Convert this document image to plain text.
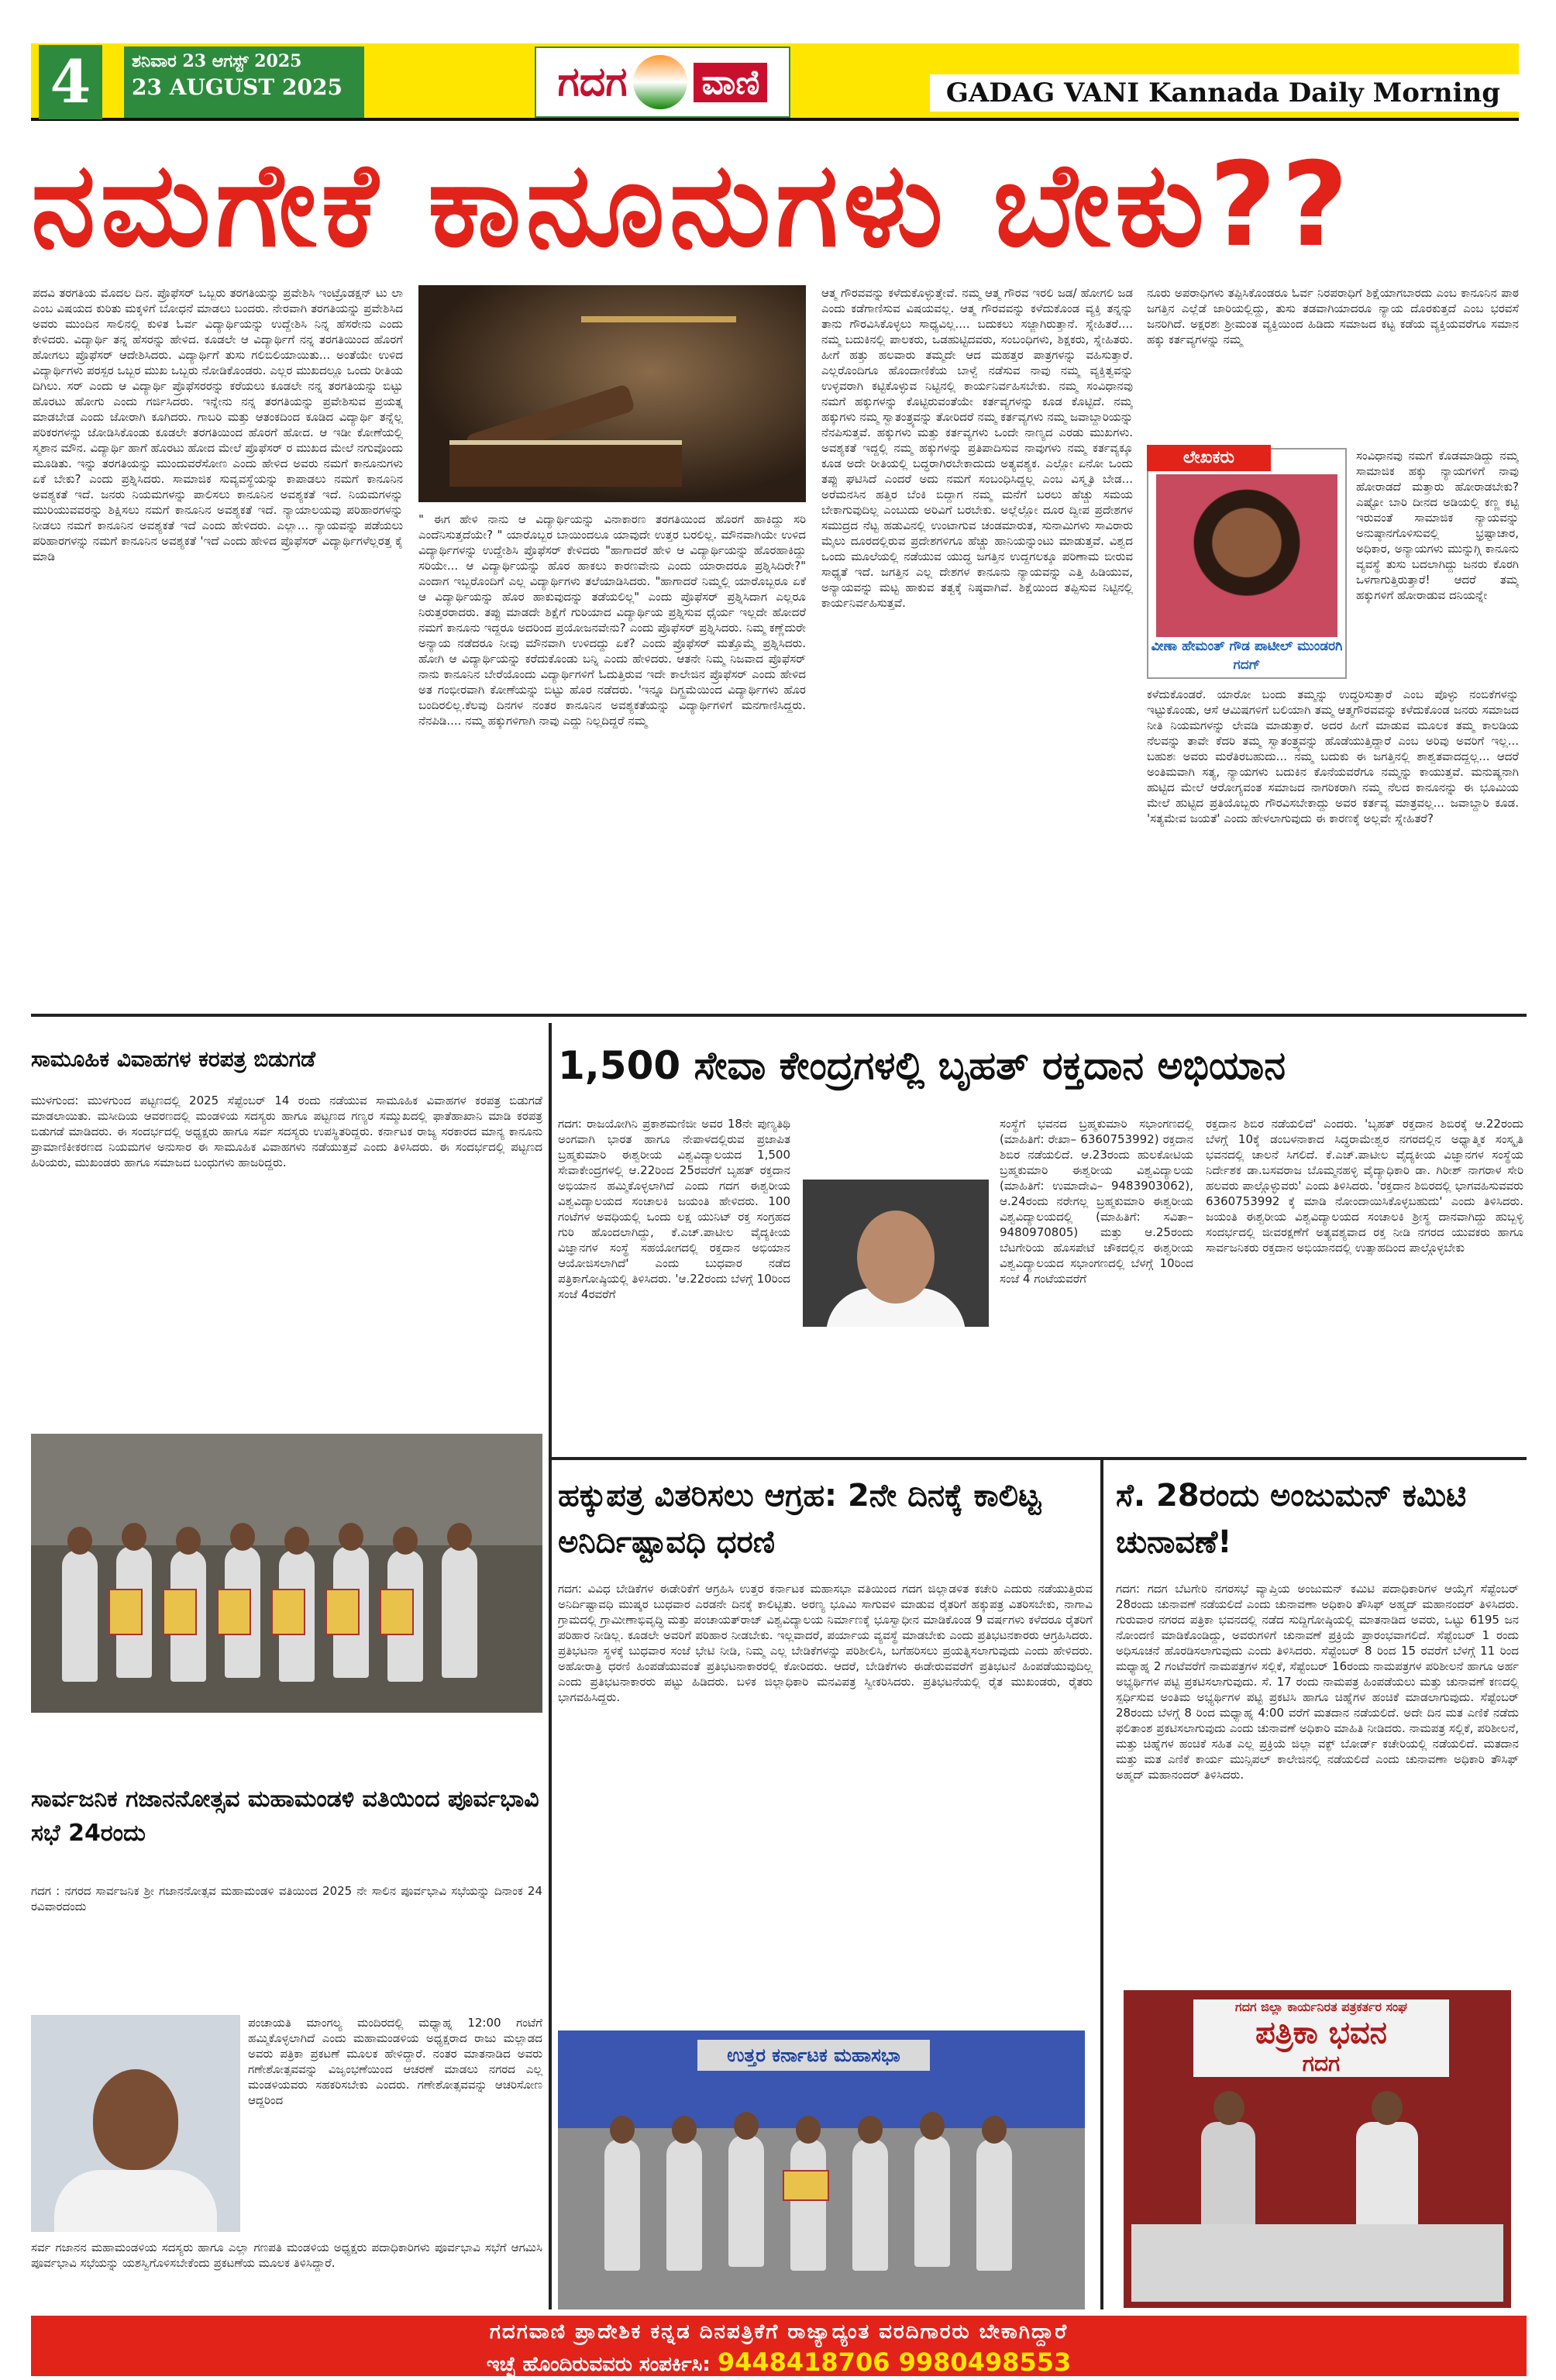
4	ಶನಿವಾರ 23 ಆಗಸ್ಟ್ 2025
23 AUGUST 2025	ಗದಗ ವಾಣಿ	GADAG VANI Kannada Daily Morning
ನಮಗೇಕೆ ಕಾನೂನುಗಳು ಬೇಕು??
ಪದವಿ ತರಗತಿಯ ಮೊದಲ ದಿನ. ಪ್ರೊಫೆಸರ್ ಒಬ್ಬರು ತರಗತಿಯನ್ನು ಪ್ರವೇಶಿಸಿ ಇಂಟ್ರೊಡಕ್ಷನ್ ಟು ಲಾ ಎಂಬ ವಿಷಯದ ಕುರಿತು ಮಕ್ಕಳಿಗೆ ಬೋಧನೆ ಮಾಡಲು ಬಂದರು. ನೇರವಾಗಿ ತರಗತಿಯನ್ನು ಪ್ರವೇಶಿಸಿದ ಅವರು ಮುಂದಿನ ಸಾಲಿನಲ್ಲಿ ಕುಳಿತ ಓರ್ವ ವಿದ್ಯಾರ್ಥಿಯನ್ನು ಉದ್ದೇಶಿಸಿ ನಿನ್ನ ಹೆಸರೇನು ಎಂದು ಕೇಳಿದರು. ವಿದ್ಯಾರ್ಥಿ ತನ್ನ ಹೆಸರನ್ನು ಹೇಳಿದ. ಕೂಡಲೇ ಆ ವಿದ್ಯಾರ್ಥಿಗೆ ನನ್ನ ತರಗತಿಯಿಂದ ಹೊರಗೆ ಹೋಗಲು ಪ್ರೊಫೆಸರ್ ಆದೇಶಿಸಿದರು. ವಿದ್ಯಾರ್ಥಿಗೆ ತುಸು ಗಲಿಬಿಲಿಯಾಯಿತು... ಅಂತೆಯೇ ಉಳಿದ ವಿದ್ಯಾರ್ಥಿಗಳು ಪರಸ್ಪರ ಒಬ್ಬರ ಮುಖ ಒಬ್ಬರು ನೋಡಿಕೊಂಡರು. ಎಲ್ಲರ ಮುಖದಲ್ಲೂ ಒಂದು ರೀತಿಯ ದಿಗಿಲು. ಸರ್ ಎಂದು ಆ ವಿದ್ಯಾರ್ಥಿ ಪ್ರೊಫೆಸರರನ್ನು ಕರೆಯಲು ಕೂಡಲೇ ನನ್ನ ತರಗತಿಯನ್ನು ಬಿಟ್ಟು ಹೊರಟು ಹೋಗು ಎಂದು ಗರ್ಜಿಸಿದರು. ಇನ್ನೇನು ನನ್ನ ತರಗತಿಯನ್ನು ಪ್ರವೇಶಿಸುವ ಪ್ರಯತ್ನ ಮಾಡಬೇಡ ಎಂದು ಜೋರಾಗಿ ಕೂಗಿದರು. ಗಾಬರಿ ಮತ್ತು ಆತಂಕದಿಂದ ಕೂಡಿದ ವಿದ್ಯಾರ್ಥಿ ತನ್ನೆಲ್ಲ ಪರಿಕರಗಳನ್ನು ಜೋಡಿಸಿಕೊಂಡು ಕೂಡಲೇ ತರಗತಿಯಿಂದ ಹೊರಗೆ ಹೋದ. ಆ ಇಡೀ ಕೋಣೆಯಲ್ಲಿ ಸ್ಮಶಾನ ಮೌನ. ವಿದ್ಯಾರ್ಥಿ ಹಾಗೆ ಹೊರಟು ಹೋದ ಮೇಲೆ ಪ್ರೊಫೆಸರ್ ರ ಮುಖದ ಮೇಲೆ ನಗುವೊಂದು ಮೂಡಿತು. ಇನ್ನು ತರಗತಿಯನ್ನು ಮುಂದುವರೆಸೋಣ ಎಂದು ಹೇಳಿದ ಅವರು ನಮಗೆ ಕಾನೂನುಗಳು ಏಕೆ ಬೇಕು? ಎಂದು ಪ್ರಶ್ನಿಸಿದರು. ಸಾಮಾಜಿಕ ಸುವ್ಯವಸ್ಥೆಯನ್ನು ಕಾಪಾಡಲು ನಮಗೆ ಕಾನೂನಿನ ಅವಶ್ಯಕತೆ ಇದೆ. ಜನರು ನಿಯಮಗಳನ್ನು ಪಾಲಿಸಲು ಕಾನೂನಿನ ಅವಶ್ಯಕತೆ ಇದೆ. ನಿಯಮಗಳನ್ನು ಮುರಿಯುವವರನ್ನು ಶಿಕ್ಷಿಸಲು ನಮಗೆ ಕಾನೂನಿನ ಅವಶ್ಯಕತೆ ಇದೆ. ನ್ಯಾಯಾಲಯವು ಪರಿಹಾರಗಳನ್ನು ನೀಡಲು ನಮಗೆ ಕಾನೂನಿನ ಅವಶ್ಯಕತೆ ಇದೆ ಎಂದು ಹೇಳಿದರು. ಎಲ್ಲಾ... ನ್ಯಾಯವನ್ನು ಪಡೆಯಲು ಪರಿಹಾರಗಳನ್ನು ನಮಗೆ ಕಾನೂನಿನ ಅವಶ್ಯಕತೆ 'ಇದೆ ಎಂದು ಹೇಳಿದ ಪ್ರೊಫೆಸರ್ ವಿದ್ಯಾರ್ಥಿಗಳೆಲ್ಲರತ್ತ ಕೈ ಮಾಡಿ
" ಈಗ ಹೇಳಿ ನಾನು ಆ ವಿದ್ಯಾರ್ಥಿಯನ್ನು ವಿನಾಕಾರಣ ತರಗತಿಯಿಂದ ಹೊರಗೆ ಹಾಕಿದ್ದು ಸರಿ ಎಂದೆನಿಸುತ್ತದೆಯೇ? " ಯಾರೊಬ್ಬರ ಬಾಯಿಂದಲೂ ಯಾವುದೇ ಉತ್ತರ ಬರಲಿಲ್ಲ. ಮೌನವಾಗಿಯೇ ಉಳಿದ ವಿದ್ಯಾರ್ಥಿಗಳನ್ನು ಉದ್ದೇಶಿಸಿ ಪ್ರೊಫೆಸರ್ ಕೇಳಿದರು "ಹಾಗಾದರೆ ಹೇಳಿ ಆ ವಿದ್ಯಾರ್ಥಿಯನ್ನು ಹೊರಹಾಕಿದ್ದು ಸರಿಯೇ... ಆ ವಿದ್ಯಾರ್ಥಿಯನ್ನು ಹೊರ ಹಾಕಲು ಕಾರಣವೇನು ಎಂದು ಯಾರಾದರೂ ಪ್ರಶ್ನಿಸಿದಿರೇ?" ಎಂದಾಗ ಇಬ್ಬರೊಂದಿಗೆ ಎಲ್ಲ ವಿದ್ಯಾರ್ಥಿಗಳು ತಲೆಯಾಡಿಸಿದರು. "ಹಾಗಾದರೆ ನಿಮ್ಮಲ್ಲಿ ಯಾರೊಬ್ಬರೂ ಏಕೆ ಆ ವಿದ್ಯಾರ್ಥಿಯನ್ನು ಹೊರ ಹಾಕುವುದನ್ನು ತಡೆಯಲಿಲ್ಲ" ಎಂದು ಪ್ರೊಫೆಸರ್ ಪ್ರಶ್ನಿಸಿದಾಗ ಎಲ್ಲರೂ ನಿರುತ್ತರರಾದರು. ತಪ್ಪು ಮಾಡದೇ ಶಿಕ್ಷೆಗೆ ಗುರಿಯಾದ ವಿದ್ಯಾರ್ಥಿಯ ಪ್ರಶ್ನಿಸುವ ಧೈರ್ಯ ಇಲ್ಲದೇ ಹೋದರೆ ನಮಗೆ ಕಾನೂನು ಇದ್ದರೂ ಅದರಿಂದ ಪ್ರಯೋಜನವೇನು? ಎಂದು ಪ್ರೊಫೆಸರ್ ಪ್ರಶ್ನಿಸಿದರು. ನಿಮ್ಮ ಕಣ್ಣೆದುರೇ ಅನ್ಯಾಯ ನಡೆದರೂ ನೀವು ಮೌನವಾಗಿ ಉಳಿದದ್ದು ಏಕೆ? ಎಂದು ಪ್ರೊಫೆಸರ್ ಮತ್ತೊಮ್ಮೆ ಪ್ರಶ್ನಿಸಿದರು. ಹೋಗಿ ಆ ವಿದ್ಯಾರ್ಥಿಯನ್ನು ಕರೆದುಕೊಂಡು ಬನ್ನಿ ಎಂದು ಹೇಳಿದರು. ಆತನೇ ನಿಮ್ಮ ನಿಜವಾದ ಪ್ರೊಫೆಸರ್ ನಾನು ಕಾನೂನಿನ ಬೇರೆಯೊಂದು ವಿದ್ಯಾರ್ಥಿಗಳಿಗೆ ಓದುತ್ತಿರುವ ಇದೇ ಕಾಲೇಜಿನ ಪ್ರೊಫೆಸರ್ ಎಂದು ಹೇಳಿದ ಅತ ಗಂಭೀರವಾಗಿ ಕೋಣೆಯನ್ನು ಬಿಟ್ಟು ಹೊರ ನಡೆದರು. 'ಇನ್ನೂ ದಿಗ್ಭ್ರಮೆಯಿಂದ ವಿದ್ಯಾರ್ಥಿಗಳು ಹೊರ ಬಂದಿರಲಿಲ್ಲ.ಕೆಲವು ದಿನಗಳ ನಂತರ ಕಾನೂನಿನ ಅವಶ್ಯಕತೆಯನ್ನು ವಿದ್ಯಾರ್ಥಿಗಳಿಗೆ ಮನಗಾಣಿಸಿದ್ದರು. ನೆನಪಿಡಿ.... ನಮ್ಮ ಹಕ್ಕುಗಳಿಗಾಗಿ ನಾವು ಎದ್ದು ನಿಲ್ಲದಿದ್ದರೆ ನಮ್ಮ
ಆತ್ಮ ಗೌರವವನ್ನು ಕಳೆದುಕೊಳ್ಳುತ್ತೇವೆ. ನಮ್ಮ ಆತ್ಮ ಗೌರವ ಇರಲಿ ಜಡ/ ಹೋಗಲಿ ಜಡ ಎಂದು ಕಡೆಗಾಣಿಸುವ ವಿಷಯವಲ್ಲ. ಆತ್ಮ ಗೌರವವನ್ನು ಕಳೆದುಕೊಂಡ ವ್ಯಕ್ತಿ ತನ್ನನ್ನು ತಾನು ಗೌರವಿಸಿಕೊಳ್ಳಲು ಸಾಧ್ಯವಿಲ್ಲ.... ಬದುಕಲು ಸಜ್ಜಾಗಿರುತ್ತಾನೆ. ಸ್ನೇಹಿತರೆ.... ನಮ್ಮ ಬದುಕಿನಲ್ಲಿ ಪಾಲಕರು, ಒಡಹುಟ್ಟಿದವರು, ಸಂಬಂಧಿಗಳು, ಶಿಕ್ಷಕರು, ಸ್ನೇಹಿತರು. ಹೀಗೆ ಹತ್ತು ಹಲವಾರು ತಮ್ಮದೇ ಆದ ಮಹತ್ತರ ಪಾತ್ರಗಳನ್ನು ವಹಿಸುತ್ತಾರೆ. ಎಲ್ಲರೊಂದಿಗೂ ಹೊಂದಾಣಿಕೆಯ ಬಾಳ್ವೆ ನಡೆಸುವ ನಾವು ನಮ್ಮ ವ್ಯಕ್ತಿತ್ವವನ್ನು ಉಳ್ಳವರಾಗಿ ಕಟ್ಟಿಕೊಳ್ಳುವ ನಿಟ್ಟಿನಲ್ಲಿ ಕಾರ್ಯನಿರ್ವಹಿಸಬೇಕು. ನಮ್ಮ ಸಂವಿಧಾನವು ನಮಗೆ ಹಕ್ಕುಗಳನ್ನು ಕೊಟ್ಟಿರುವಂತೆಯೇ ಕರ್ತವ್ಯಗಳನ್ನು ಕೂಡ ಕೊಟ್ಟಿದೆ. ನಮ್ಮ ಹಕ್ಕುಗಳು ನಮ್ಮ ಸ್ವಾತಂತ್ರ್ಯವನ್ನು ತೋರಿದರೆ ನಮ್ಮ ಕರ್ತವ್ಯಗಳು ನಮ್ಮ ಜವಾಬ್ದಾರಿಯನ್ನು ನೆನಪಿಸುತ್ತವೆ. ಹಕ್ಕುಗಳು ಮತ್ತು ಕರ್ತವ್ಯಗಳು ಒಂದೇ ನಾಣ್ಯದ ಎರಡು ಮುಖಗಳು. ಅವಶ್ಯಕತೆ ಇದ್ದಲ್ಲಿ ನಮ್ಮ ಹಕ್ಕುಗಳನ್ನು ಪ್ರತಿಪಾದಿಸುವ ನಾವುಗಳು ನಮ್ಮ ಕರ್ತವ್ಯಕ್ಕೂ ಕೂಡ ಅದೇ ರೀತಿಯಲ್ಲಿ ಬದ್ಧರಾಗಿರಬೇಕಾದುದು ಅತ್ಯವಶ್ಯಕ. ಎಲ್ಲೋ ಏನೋ ಒಂದು ತಪ್ಪು ಘಟಿಸಿದೆ ಎಂದರೆ ಅದು ನಮಗೆ ಸಂಬಂಧಿಸಿದ್ದಲ್ಲ ಎಂಬ ವಿಸ್ಮೃತಿ ಬೇಡ... ಅರೆಮನಸಿನ ಹತ್ತಿರ ಬೆಂಕಿ ಬಿದ್ದಾಗ ನಮ್ಮ ಮನೆಗೆ ಬರಲು ಹೆಚ್ಚು ಸಮಯ ಬೇಕಾಗುವುದಿಲ್ಲ ಎಂಬುದು ಅರಿವಿಗೆ ಬರಬೇಕು. ಅಲ್ಲೆಲ್ಲೋ ದೂರ ದ್ವೀಪ ಪ್ರದೇಶಗಳ ಸಮುದ್ರದ ನೆಟ್ಟ ಹಡುವಿನಲ್ಲಿ ಉಂಟಾಗುವ ಚಂಡಮಾರುತ, ಸುನಾಮಿಗಳು ಸಾವಿರಾರು ಮೈಲು ದೂರದಲ್ಲಿರುವ ಪ್ರದೇಶಗಳಿಗೂ ಹೆಚ್ಚು ಹಾನಿಯನ್ನುಂಟು ಮಾಡುತ್ತವೆ. ವಿಶ್ವದ ಒಂದು ಮೂಲೆಯಲ್ಲಿ ನಡೆಯುವ ಯುದ್ಧ ಜಗತ್ತಿನ ಉದ್ದಗಲಕ್ಕೂ ಪರಿಣಾಮ ಬೀರುವ ಸಾಧ್ಯತೆ ಇದೆ. ಜಗತ್ತಿನ ಎಲ್ಲ ದೇಶಗಳ ಕಾನೂನು ನ್ಯಾಯವನ್ನು ಎತ್ತಿ ಹಿಡಿಯುವ, ಅನ್ಯಾಯವನ್ನು ಮಟ್ಟ ಹಾಕುವ ತತ್ವಕ್ಕೆ ನಿಷ್ಠವಾಗಿವೆ. ಶಿಕ್ಷೆಯಿಂದ ತಪ್ಪಿಸುವ ನಿಟ್ಟಿನಲ್ಲಿ ಕಾರ್ಯನಿರ್ವಹಿಸುತ್ತವೆ.
ನೂರು ಅಪರಾಧಿಗಳು ತಪ್ಪಿಸಿಕೊಂಡರೂ ಓರ್ವ ನಿರಪರಾಧಿಗೆ ಶಿಕ್ಷೆಯಾಗಬಾರದು ಎಂಬ ಕಾನೂನಿನ ಪಾಠ ಜಗತ್ತಿನ ಎಲ್ಲೆಡೆ ಜಾರಿಯಲ್ಲಿದ್ದು, ತುಸು ತಡವಾಗಿಯಾದರೂ ನ್ಯಾಯ ದೊರಕುತ್ತದೆ ಎಂಬ ಭರವಸೆ ಜನರಿಗಿದೆ. ಅಕ್ಷರಶಃ ಶ್ರೀಮಂತ ವ್ಯಕ್ತಿಯಿಂದ ಹಿಡಿದು ಸಮಾಜದ ಕಟ್ಟ ಕಡೆಯ ವ್ಯಕ್ತಿಯವರೆಗೂ ಸಮಾನ ಹಕ್ಕು ಕರ್ತವ್ಯಗಳನ್ನು ನಮ್ಮ
ಲೇಖಕರು
ವೀಣಾ ಹೇಮಂತ್ ಗೌಡ ಪಾಟೀಲ್ ಮುಂಡರಗಿ ಗದಗ್
ಸಂವಿಧಾನವು ನಮಗೆ ಕೊಡಮಾಡಿದ್ದು ನಮ್ಮ ಸಾಮಾಜಿಕ ಹಕ್ಕು ನ್ಯಾಯಗಳಿಗೆ ನಾವು ಹೋರಾಡದೆ ಮತ್ತಾರು ಹೋರಾಡಬೇಕು? ಎಷ್ಟೋ ಬಾರಿ ದೀನದ ಅಡಿಯಲ್ಲಿ ಕಣ್ಣ ಕಟ್ಟಿ ಇರುವಂತೆ ಸಾಮಾಜಿಕ ನ್ಯಾಯವನ್ನು ಅನುಷ್ಠಾನಗೊಳಿಸುವಲ್ಲಿ ಭ್ರಷ್ಟಾಚಾರ, ಅಧಿಕಾರ, ಅನ್ಯಾಯಗಳು ಮುನ್ನುಗ್ಗಿ ಕಾನೂನು ವ್ಯವಸ್ಥೆ ತುಸು ಬದಲಾಗಿದ್ದು ಜನರು ಕೊರಗಿ ಒಳಗಾಗುತ್ತಿರುತ್ತಾರೆ! ಆದರೆ ತಮ್ಮ ಹಕ್ಕುಗಳಿಗೆ ಹೋರಾಡುವ ದನಿಯನ್ನೇ
ಕಳೆದುಕೊಂಡರೆ. ಯಾರೋ ಬಂದು ತಮ್ಮನ್ನು ಉದ್ಧರಿಸುತ್ತಾರೆ ಎಂಬ ಪೊಳ್ಳು ನಂಬಿಕೆಗಳನ್ನು ಇಟ್ಟುಕೊಂಡು, ಆಸೆ ಆಮಿಷಗಳಿಗೆ ಬಲಿಯಾಗಿ ತಮ್ಮ ಆತ್ಮಗೌರವವನ್ನು ಕಳೆದುಕೊಂಡ ಜನರು ಸಮಾಜದ ನೀತಿ ನಿಯಮಗಳನ್ನು ಲೇವಡಿ ಮಾಡುತ್ತಾರೆ. ಅದರ ಹೀಗೆ ಮಾಡುವ ಮೂಲಕ ತಮ್ಮ ಕಾಲಡಿಯ ನೆಲವನ್ನು ತಾವೇ ಕೆದರಿ ತಮ್ಮ ಸ್ವಾತಂತ್ರ್ಯವನ್ನು ಹೊಡೆಯುತ್ತಿದ್ದಾರೆ ಎಂಬ ಅರಿವು ಅವರಿಗೆ ಇಲ್ಲ... ಬಹುಶಃ ಅವರು ಮರೆತಿರಬಹುದು... ನಮ್ಮ ಬದುಕು ಈ ಜಗತ್ತಿನಲ್ಲಿ ಶಾಶ್ವತವಾದದ್ದಲ್ಲ... ಆದರೆ ಅಂತಿಮವಾಗಿ ಸತ್ಯ, ನ್ಯಾಯಗಳು ಬದುಕಿನ ಕೊನೆಯವರೆಗೂ ನಮ್ಮನ್ನು ಕಾಯುತ್ತವೆ. ಮನುಷ್ಯನಾಗಿ ಹುಟ್ಟಿದ ಮೇಲೆ ಆರೋಗ್ಯವಂತ ಸಮಾಜದ ನಾಗರಿಕರಾಗಿ ನಮ್ಮ ನೆಲದ ಕಾನೂನನ್ನು ಈ ಭೂಮಿಯ ಮೇಲೆ ಹುಟ್ಟಿದ ಪ್ರತಿಯೊಬ್ಬರು ಗೌರವಿಸಬೇಕಾದ್ದು ಅವರ ಕರ್ತವ್ಯ ಮಾತ್ರವಲ್ಲ... ಜವಾಬ್ದಾರಿ ಕೂಡ. 'ಸತ್ಯಮೇವ ಜಯತೆ' ಎಂದು ಹೇಳಲಾಗುವುದು ಈ ಕಾರಣಕ್ಕೆ ಅಲ್ಲವೇ ಸ್ನೇಹಿತರೆ?
ಸಾಮೂಹಿಕ ವಿವಾಹಗಳ ಕರಪತ್ರ ಬಿಡುಗಡೆ
ಮುಳಗುಂದ: ಮುಳಗುಂದ ಪಟ್ಟಣದಲ್ಲಿ 2025 ಸೆಪ್ಟೆಂಬರ್ 14 ರಂದು ನಡೆಯುವ ಸಾಮೂಹಿಕ ವಿವಾಹಗಳ ಕರಪತ್ರ ಬಿಡುಗಡೆ ಮಾಡಲಾಯಿತು. ಮಸೀದಿಯ ಆವರಣದಲ್ಲಿ ಮಂಡಳಿಯ ಸದಸ್ಯರು ಹಾಗೂ ಪಟ್ಟಣದ ಗಣ್ಯರ ಸಮ್ಮುಖದಲ್ಲಿ ಫಾತೆಹಾಖಾನಿ ಮಾಡಿ ಕರಪತ್ರ ಬಿಡುಗಡೆ ಮಾಡಿದರು. ಈ ಸಂದರ್ಭದಲ್ಲಿ ಅಧ್ಯಕ್ಷರು ಹಾಗೂ ಸರ್ವ ಸದಸ್ಯರು ಉಪಸ್ಥಿತರಿದ್ದರು. ಕರ್ನಾಟಕ ರಾಜ್ಯ ಸರಕಾರದ ಮಾನ್ಯ ಕಾನೂನು ಪ್ರಾಮಾಣಿಕೀಕರಣದ ನಿಯಮಗಳ ಅನುಸಾರ ಈ ಸಾಮೂಹಿಕ ವಿವಾಹಗಳು ನಡೆಯುತ್ತವೆ ಎಂದು ತಿಳಿಸಿದರು. ಈ ಸಂದರ್ಭದಲ್ಲಿ ಪಟ್ಟಣದ ಹಿರಿಯರು, ಮುಖಂಡರು ಹಾಗೂ ಸಮಾಜದ ಬಂಧುಗಳು ಹಾಜರಿದ್ದರು.
ಸಾರ್ವಜನಿಕ ಗಜಾನನೋತ್ಸವ ಮಹಾಮಂಡಳಿ ವತಿಯಿಂದ ಪೂರ್ವಭಾವಿ ಸಭೆ 24ರಂದು
ಗದಗ : ನಗರದ ಸಾರ್ವಜನಿಕ ಶ್ರೀ ಗಜಾನನೋತ್ಸವ ಮಹಾಮಂಡಳಿ ವತಿಯಿಂದ 2025 ನೇ ಸಾಲಿನ ಪೂರ್ವಭಾವಿ ಸಭೆಯನ್ನು ದಿನಾಂಕ 24 ರವಿವಾರದಂದು
ಪಂಚಾಯತಿ ಮಾಂಗಲ್ಯ ಮಂದಿರದಲ್ಲಿ ಮಧ್ಯಾಹ್ನ 12:00 ಗಂಟೆಗೆ ಹಮ್ಮಿಕೊಳ್ಳಲಾಗಿದೆ ಎಂದು ಮಹಾಮಂಡಳಿಯ ಅಧ್ಯಕ್ಷರಾದ ರಾಜು ಮಲ್ಲಾಡದ ಅವರು ಪತ್ರಿಕಾ ಪ್ರಕಟಣೆ ಮೂಲಕ ಹೇಳಿದ್ದಾರೆ. ನಂತರ ಮಾತನಾಡಿದ ಅವರು ಗಣೇಶೋತ್ಸವವನ್ನು ವಿಜೃಂಭಣೆಯಿಂದ ಆಚರಣೆ ಮಾಡಲು ನಗರದ ಎಲ್ಲ ಮಂಡಳಿಯವರು ಸಹಕರಿಸಬೇಕು ಎಂದರು. ಗಣೇಶೋತ್ಸವವನ್ನು ಆಚರಿಸೋಣ ಆದ್ದರಿಂದ
ಸರ್ವ ಗಜಾನನ ಮಹಾಮಂಡಳಿಯ ಸದಸ್ಯರು ಹಾಗೂ ಎಲ್ಲಾ ಗಣಪತಿ ಮಂಡಳಿಯ ಅಧ್ಯಕ್ಷರು ಪದಾಧಿಕಾರಿಗಳು ಪೂರ್ವಭಾವಿ ಸಭೆಗೆ ಆಗಮಿಸಿ ಪೂರ್ವಭಾವಿ ಸಭೆಯನ್ನು ಯಶಸ್ವಿಗೊಳಿಸಬೇಕೆಂದು ಪ್ರಕಟಣೆಯ ಮೂಲಕ ತಿಳಿಸಿದ್ದಾರೆ.
1,500 ಸೇವಾ ಕೇಂದ್ರಗಳಲ್ಲಿ ಬೃಹತ್ ರಕ್ತದಾನ ಅಭಿಯಾನ
ಗದಗ: ರಾಜಯೋಗಿನಿ ಪ್ರಕಾಶಮಣಿಜೀ ಅವರ 18ನೇ ಪುಣ್ಯತಿಥಿ ಅಂಗವಾಗಿ ಭಾರತ ಹಾಗೂ ನೇಪಾಳದಲ್ಲಿರುವ ಪ್ರಜಾಪಿತ ಬ್ರಹ್ಮಕುಮಾರಿ ಈಶ್ವರೀಯ ವಿಶ್ವವಿದ್ಯಾಲಯದ 1,500 ಸೇವಾಕೇಂದ್ರಗಳಲ್ಲಿ ಆ.22ರಿಂದ 25ರವರೆಗೆ ಬೃಹತ್ ರಕ್ತದಾನ ಅಭಿಯಾನ ಹಮ್ಮಿಕೊಳ್ಳಲಾಗಿದೆ ಎಂದು ಗದಗ ಈಶ್ವರೀಯ ವಿಶ್ವವಿದ್ಯಾಲಯದ ಸಂಚಾಲಕಿ ಜಯಂತಿ ಹೇಳಿದರು. 100 ಗಂಟೆಗಳ ಅವಧಿಯಲ್ಲಿ ಒಂದು ಲಕ್ಷ ಯುನಿಟ್ ರಕ್ತ ಸಂಗ್ರಹದ ಗುರಿ ಹೊಂದಲಾಗಿದ್ದು, ಕೆ.ಎಚ್.ಪಾಟೀಲ ವೈದ್ಯಕೀಯ ವಿಜ್ಞಾನಗಳ ಸಂಸ್ಥೆ ಸಹಯೋಗದಲ್ಲಿ ರಕ್ತದಾನ ಅಭಿಯಾನ ಆಯೋಜಿಸಲಾಗಿದೆ' ಎಂದು ಬುಧವಾರ ನಡೆದ ಪತ್ರಿಕಾಗೋಷ್ಠಿಯಲ್ಲಿ ತಿಳಿಸಿದರು. 'ಆ.22ರಂದು ಬೆಳಗ್ಗೆ 10ರಿಂದ ಸಂಜೆ 4ರವರೆಗೆ
ಸಂಸ್ಥೆಗೆ ಭವನದ ಬ್ರಹ್ಮಕುಮಾರಿ ಸಭಾಂಗಣದಲ್ಲಿ (ಮಾಹಿತಿಗೆ: ರೇಖಾ– 6360753992) ರಕ್ತದಾನ ಶಿಬಿರ ನಡೆಯಲಿದೆ. ಆ.23ರಂದು ಹುಲಕೋಟಿಯ ಬ್ರಹ್ಮಕುಮಾರಿ ಈಶ್ವರೀಯ ವಿಶ್ವವಿದ್ಯಾಲಯ (ಮಾಹಿತಿಗೆ: ಉಮಾದೇವಿ– 9483903062), ಆ.24ರಂದು ನರೇಗಲ್ಲ ಬ್ರಹ್ಮಕುಮಾರಿ ಈಶ್ವರೀಯ ವಿಶ್ವವಿದ್ಯಾಲಯದಲ್ಲಿ (ಮಾಹಿತಿಗೆ: ಸವಿತಾ– 9480970805) ಮತ್ತು ಆ.25ರಂದು ಬೆಟಗೇರಿಯ ಹೊಸಪೇಟೆ ಚೌಕದಲ್ಲಿನ ಈಶ್ವರೀಯ ವಿಶ್ವವಿದ್ಯಾಲಯದ ಸಭಾಂಗಣದಲ್ಲಿ ಬೆಳಗ್ಗೆ 10ರಿಂದ ಸಂಜೆ 4 ಗಂಟೆಯವರೆಗೆ
ರಕ್ತದಾನ ಶಿಬಿರ ನಡೆಯಲಿದೆ' ಎಂದರು. 'ಬೃಹತ್ ರಕ್ತದಾನ ಶಿಬಿರಕ್ಕೆ ಆ.22ರಂದು ಬೆಳಗ್ಗೆ 10ಕ್ಕೆ ಡಂಬಳನಾಕಾದ ಸಿದ್ಧರಾಮೇಶ್ವರ ನಗರದಲ್ಲಿನ ಅಧ್ಯಾತ್ಮಿಕ ಸಂಸ್ಕೃತಿ ಭವನದಲ್ಲಿ ಚಾಲನೆ ಸಿಗಲಿದೆ. ಕೆ.ಎಚ್.ಪಾಟೀಲ ವೈದ್ಯಕೀಯ ವಿಜ್ಞಾನಗಳ ಸಂಸ್ಥೆಯ ನಿರ್ದೇಶಕ ಡಾ.ಬಸವರಾಜ ಬೊಮ್ಮನಹಳ್ಳಿ ವೈದ್ಯಾಧಿಕಾರಿ ಡಾ. ಗಿರೀಶ್ ನಾಗರಾಳ ಸೇರಿ ಹಲವರು ಪಾಲ್ಗೊಳ್ಳುವರು' ಎಂದು ತಿಳಿಸಿದರು. 'ರಕ್ತದಾನ ಶಿಬಿರದಲ್ಲಿ ಭಾಗವಹಿಸುವವರು 6360753992 ಕ್ಕೆ ಮಾಡಿ ನೋಂದಾಯಿಸಿಕೊಳ್ಳಬಹುದು' ಎಂದು ತಿಳಿಸಿದರು. ಜಯಂತಿ ಈಶ್ವರೀಯ ವಿಶ್ವವಿದ್ಯಾಲಯದ ಸಂಚಾಲಕಿ ಶ್ರೀಸ್ಥ ದಾನವಾಗಿದ್ದು ಹುಬ್ಬಳ್ಳಿ ಸಂದರ್ಭದಲ್ಲಿ ಜೀವರಕ್ಷಣೆಗೆ ಅತ್ಯವಶ್ಯವಾದ ರಕ್ತ ನೀಡಿ ನಗರದ ಯುವಕರು ಹಾಗೂ ಸಾರ್ವಜನಿಕರು ರಕ್ತದಾನ ಅಭಿಯಾನದಲ್ಲಿ ಉತ್ಸಾಹದಿಂದ ಪಾಲ್ಗೊಳ್ಳಬೇಕು
ಹಕ್ಕುಪತ್ರ ವಿತರಿಸಲು ಆಗ್ರಹ: 2ನೇ ದಿನಕ್ಕೆ ಕಾಲಿಟ್ಟ ಅನಿರ್ದಿಷ್ಟಾವಧಿ ಧರಣಿ
ಗದಗ: ವಿವಿಧ ಬೇಡಿಕೆಗಳ ಈಡೇರಿಕೆಗೆ ಆಗ್ರಹಿಸಿ ಉತ್ತರ ಕರ್ನಾಟಕ ಮಹಾಸಭಾ ವತಿಯಿಂದ ಗದಗ ಜಿಲ್ಲಾಡಳಿತ ಕಚೇರಿ ಎದುರು ನಡೆಯುತ್ತಿರುವ ಅನಿರ್ದಿಷ್ಟಾವಧಿ ಮುಷ್ಕರ ಬುಧವಾರ ಎರಡನೇ ದಿನಕ್ಕೆ ಕಾಲಿಟ್ಟಿತು. ಅರಣ್ಯ ಭೂಮಿ ಸಾಗುವಳಿ ಮಾಡುವ ರೈತರಿಗೆ ಹಕ್ಕುಪತ್ರ ವಿತರಿಸಬೇಕು, ನಾಗಾವಿ ಗ್ರಾಮದಲ್ಲಿ ಗ್ರಾಮೀಣಾಭಿವೃದ್ಧಿ ಮತ್ತು ಪಂಚಾಯತ್‌ರಾಜ್ ವಿಶ್ವವಿದ್ಯಾಲಯ ನಿರ್ಮಾಣಕ್ಕೆ ಭೂಸ್ವಾಧೀನ ಮಾಡಿಕೊಂಡ 9 ವರ್ಷಗಳು ಕಳೆದರೂ ರೈತರಿಗೆ ಪರಿಹಾರ ನೀಡಿಲ್ಲ. ಕೂಡಲೇ ಅವರಿಗೆ ಪರಿಹಾರ ನೀಡಬೇಕು. ಇಲ್ಲವಾದರೆ, ಪರ್ಯಾಯ ವ್ಯವಸ್ಥೆ ಮಾಡಬೇಕು ಎಂದು ಪ್ರತಿಭಟನಕಾರರು ಆಗ್ರಹಿಸಿದರು. ಪ್ರತಿಭಟನಾ ಸ್ಥಳಕ್ಕೆ ಬುಧವಾರ ಸಂಜೆ ಭೇಟಿ ನೀಡಿ, ನಿಮ್ಮ ಎಲ್ಲ ಬೇಡಿಕೆಗಳನ್ನು ಪರಿಶೀಲಿಸಿ, ಬಗೆಹರಿಸಲು ಪ್ರಯತ್ನಿಸಲಾಗುವುದು ಎಂದು ಹೇಳಿದರು. ಅಹೋರಾತ್ರಿ ಧರಣಿ ಹಿಂಪಡೆಯುವಂತೆ ಪ್ರತಿಭಟನಾಕಾರರಲ್ಲಿ ಕೋರಿದರು. ಆದರೆ, ಬೇಡಿಕೆಗಳು ಈಡೇರುವವರೆಗೆ ಪ್ರತಿಭಟನೆ ಹಿಂಪಡೆಯುವುದಿಲ್ಲ ಎಂದು ಪ್ರತಿಭಟನಾಕಾರರು ಪಟ್ಟು ಹಿಡಿದರು. ಬಳಿಕ ಜಿಲ್ಲಾಧಿಕಾರಿ ಮನವಿಪತ್ರ ಸ್ವೀಕರಿಸಿದರು. ಪ್ರತಿಭಟನೆಯಲ್ಲಿ ರೈತ ಮುಖಂಡರು, ರೈತರು ಭಾಗವಹಿಸಿದ್ದರು.
ಉತ್ತರ ಕರ್ನಾಟಕ ಮಹಾಸಭಾ
ಸೆ. 28ರಂದು ಅಂಜುಮನ್ ಕಮಿಟಿ ಚುನಾವಣೆ!
ಗದಗ: ಗದಗ ಬೆಟಗೇರಿ ನಗರಸಭೆ ವ್ಯಾಪ್ತಿಯ ಅಂಜುಮನ್ ಕಮಿಟಿ ಪದಾಧಿಕಾರಿಗಳ ಆಯ್ಕೆಗೆ ಸೆಪ್ಟೆಂಬರ್ 28ರಂದು ಚುನಾವಣೆ ನಡೆಯಲಿದೆ ಎಂದು ಚುನಾವಣಾ ಅಧಿಕಾರಿ ತೌಸಿಫ್ ಅಹ್ಮದ್ ಮಹಾನಂದರ್ ತಿಳಿಸಿದರು. ಗುರುವಾರ ನಗರದ ಪತ್ರಿಕಾ ಭವನದಲ್ಲಿ ನಡೆದ ಸುದ್ದಿಗೋಷ್ಠಿಯಲ್ಲಿ ಮಾತನಾಡಿದ ಅವರು, ಒಟ್ಟು 6195 ಜನ ನೋಂದಣಿ ಮಾಡಿಕೊಂಡಿದ್ದು, ಅವರುಗಳಿಗೆ ಚುನಾವಣೆ ಪ್ರಕ್ರಿಯೆ ಪ್ರಾರಂಭವಾಗಲಿದೆ. ಸೆಪ್ಟೆಂಬರ್ 1 ರಂದು ಅಧಿಸೂಚನೆ ಹೊರಡಿಸಲಾಗುವುದು ಎಂದು ತಿಳಿಸಿದರು. ಸೆಪ್ಟೆಂಬರ್ 8 ರಿಂದ 15 ರವರೆಗೆ ಬೆಳಗ್ಗೆ 11 ರಿಂದ ಮಧ್ಯಾಹ್ನ 2 ಗಂಟೆವರೆಗೆ ನಾಮಪತ್ರಗಳ ಸಲ್ಲಿಕೆ, ಸೆಪ್ಟೆಂಬರ್ 16ರಂದು ನಾಮಪತ್ರಗಳ ಪರಿಶೀಲನೆ ಹಾಗೂ ಅರ್ಹ ಅಭ್ಯರ್ಥಿಗಳ ಪಟ್ಟಿ ಪ್ರಕಟಿಸಲಾಗುವುದು. ಸೆ. 17 ರಂದು ನಾಮಪತ್ರ ಹಿಂಪಡೆಯಲು ಮತ್ತು ಚುನಾವಣೆ ಕಣದಲ್ಲಿ ಸ್ಪರ್ಧಿಸುವ ಅಂತಿಮ ಅಭ್ಯರ್ಥಿಗಳ ಪಟ್ಟಿ ಪ್ರಕಟಿಸಿ ಹಾಗೂ ಚಿಹ್ನೆಗಳ ಹಂಚಿಕೆ ಮಾಡಲಾಗುವುದು. ಸೆಪ್ಟೆಂಬರ್ 28ರಂದು ಬೆಳಗ್ಗೆ 8 ರಿಂದ ಮಧ್ಯಾಹ್ನ 4:00 ವರೆಗೆ ಮತದಾನ ನಡೆಯಲಿದೆ. ಅದೇ ದಿನ ಮತ ಎಣಿಕೆ ನಡೆದು ಫಲಿತಾಂಶ ಪ್ರಕಟಿಸಲಾಗುವುದು ಎಂದು ಚುನಾವಣೆ ಅಧಿಕಾರಿ ಮಾಹಿತಿ ನೀಡಿದರು. ನಾಮಪತ್ರ ಸಲ್ಲಿಕೆ, ಪರಿಶೀಲನೆ, ಮತ್ತು ಚಿಹ್ನೆಗಳ ಹಂಚಿಕೆ ಸಹಿತ ಎಲ್ಲ ಪ್ರಕ್ರಿಯೆ ಜಿಲ್ಲಾ ವಕ್ಫ್ ಬೋರ್ಡ್ ಕಚೇರಿಯಲ್ಲಿ ನಡೆಯಲಿದೆ. ಮತದಾನ ಮತ್ತು ಮತ ಎಣಿಕೆ ಕಾರ್ಯ ಮುನ್ಸಿಪಲ್ ಕಾಲೇಜಿನಲ್ಲಿ ನಡೆಯಲಿದೆ ಎಂದು ಚುನಾವಣಾ ಅಧಿಕಾರಿ ತೌಸಿಫ್ ಅಹ್ಮದ್ ಮಹಾನಂದರ್ ತಿಳಿಸಿದರು.
ಗದಗ ಜಿಲ್ಲಾ ಕಾರ್ಯನಿರತ ಪತ್ರಕರ್ತರ ಸಂಘ
ಪತ್ರಿಕಾ ಭವನ
ಗದಗ
ಗದಗವಾಣಿ ಪ್ರಾದೇಶಿಕ ಕನ್ನಡ ದಿನಪತ್ರಿಕೆಗೆ ರಾಜ್ಯಾದ್ಯಂತ ವರದಿಗಾರರು ಬೇಕಾಗಿದ್ದಾರೆ
ಇಚ್ಛೆ ಹೊಂದಿರುವವರು ಸಂಪರ್ಕಿಸಿ: 9448418706 9980498553
